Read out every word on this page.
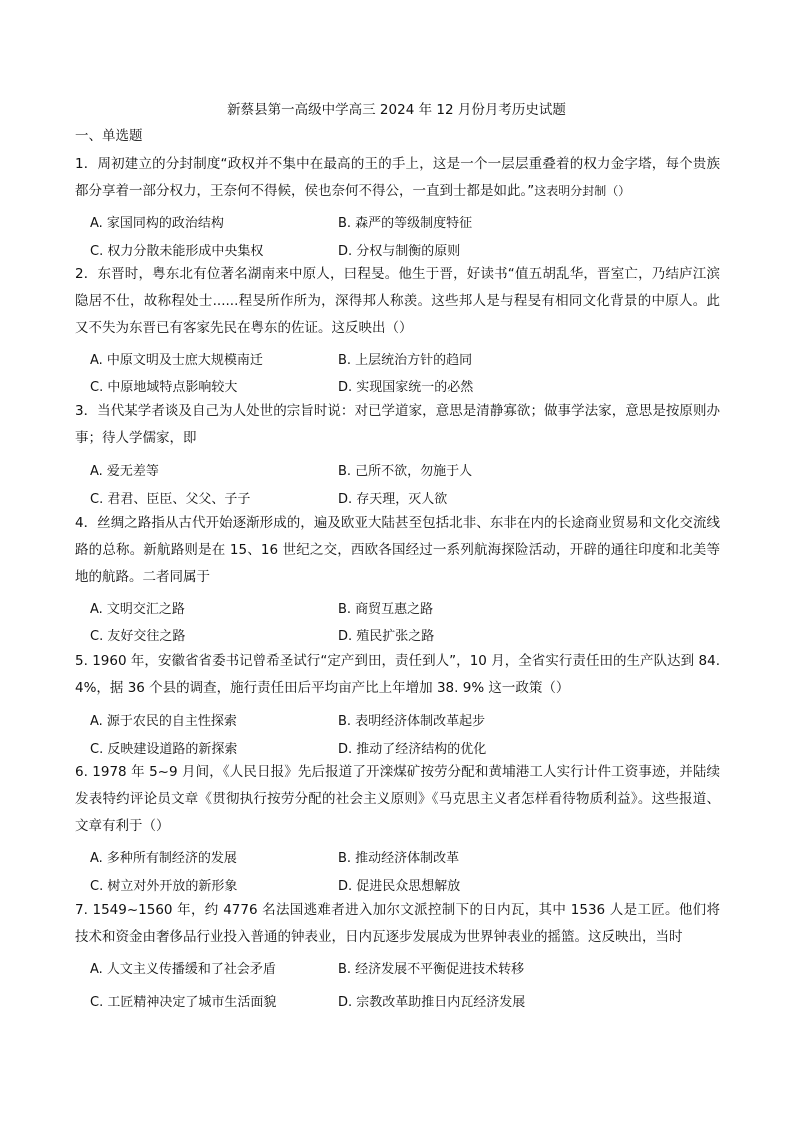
新蔡县第一高级中学高三 2024 年 12 月份月考历史试题
一、单选题
1．周初建立的分封制度“政权并不集中在最高的王的手上，这是一个一层层重叠着的权力金字塔，每个贵族都分享着一部分权力，王奈何不得候，侯也奈何不得公，一直到士都是如此。”这表明分封制（）
A. 家国同构的政治结构	B. 森严的等级制度特征
C. 权力分散未能形成中央集权	D. 分权与制衡的原则
2．东晋时，粤东北有位著名湖南来中原人，曰程旻。他生于晋，好读书“值五胡乱华，晋室亡，乃结庐江滨隐居不仕，故称程处士......程旻所作所为，深得邦人称羡。这些邦人是与程旻有相同文化背景的中原人。此又不失为东晋已有客家先民在粤东的佐证。这反映出（）
A. 中原文明及士庶大规模南迁	B. 上层统治方针的趋同
C. 中原地域特点影响较大	D. 实现国家统一的必然
3．当代某学者谈及自己为人处世的宗旨时说：对已学道家，意思是清静寡欲；做事学法家，意思是按原则办事；待人学儒家，即
A. 爱无差等	B. 己所不欲，勿施于人
C. 君君、臣臣、父父、子子	D. 存天理，灭人欲
4．丝绸之路指从古代开始逐渐形成的，遍及欧亚大陆甚至包括北非、东非在内的长途商业贸易和文化交流线路的总称。新航路则是在 15、16 世纪之交，西欧各国经过一系列航海探险活动，开辟的通往印度和北美等地的航路。二者同属于
A. 文明交汇之路	B. 商贸互惠之路
C. 友好交往之路	D. 殖民扩张之路
5. 1960 年，安徽省省委书记曾希圣试行“定产到田，责任到人”，10 月，全省实行责任田的生产队达到 84. 4%，据 36 个县的调查，施行责任田后平均亩产比上年增加 38. 9% 这一政策（）
A. 源于农民的自主性探索	B. 表明经济体制改革起步
C. 反映建设道路的新探索	D. 推动了经济结构的优化
6. 1978 年 5~9 月间，《人民日报》先后报道了开滦煤矿按劳分配和黄埔港工人实行计件工资事迹，并陆续发表特约评论员文章《贯彻执行按劳分配的社会主义原则》《马克思主义者怎样看待物质利益》。这些报道、文章有利于（）
A. 多种所有制经济的发展	B. 推动经济体制改革
C. 树立对外开放的新形象	D. 促进民众思想解放
7. 1549~1560 年，约 4776 名法国逃难者进入加尔文派控制下的日内瓦，其中 1536 人是工匠。他们将技术和资金由奢侈品行业投入普通的钟表业，日内瓦逐步发展成为世界钟表业的摇篮。这反映出，当时
A. 人文主义传播缓和了社会矛盾	B. 经济发展不平衡促进技术转移
C. 工匠精神决定了城市生活面貌	D. 宗教改革助推日内瓦经济发展
